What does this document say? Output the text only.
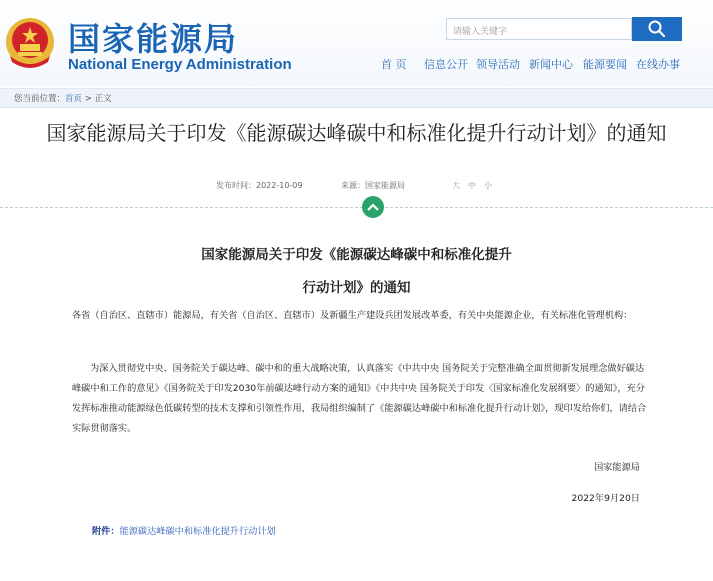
国家能源局
National Energy Administration
请输入关键字
首 页 信息公开 领导活动 新闻中心 能源要闻 在线办事
您当前位置：首页 > 正文
国家能源局关于印发《能源碳达峰碳中和标准化提升行动计划》的通知
发布时间：2022-10-09	来源：国家能源局	大 中 小
国家能源局关于印发《能源碳达峰碳中和标准化提升
行动计划》的通知
各省（自治区、直辖市）能源局，有关省（自治区、直辖市）及新疆生产建设兵团发展改革委，有关中央能源企业，有关标准化管理机构：
为深入贯彻党中央、国务院关于碳达峰、碳中和的重大战略决策，认真落实《中共中央 国务院关于完整准确全面贯彻新发展理念做好碳达峰碳中和工作的意见》《国务院关于印发2030年前碳达峰行动方案的通知》《中共中央 国务院关于印发〈国家标准化发展纲要〉的通知》，充分发挥标准推动能源绿色低碳转型的技术支撑和引领性作用，我局组织编制了《能源碳达峰碳中和标准化提升行动计划》，现印发给你们，请结合实际贯彻落实。
国家能源局
2022年9月20日
附件：能源碳达峰碳中和标准化提升行动计划
